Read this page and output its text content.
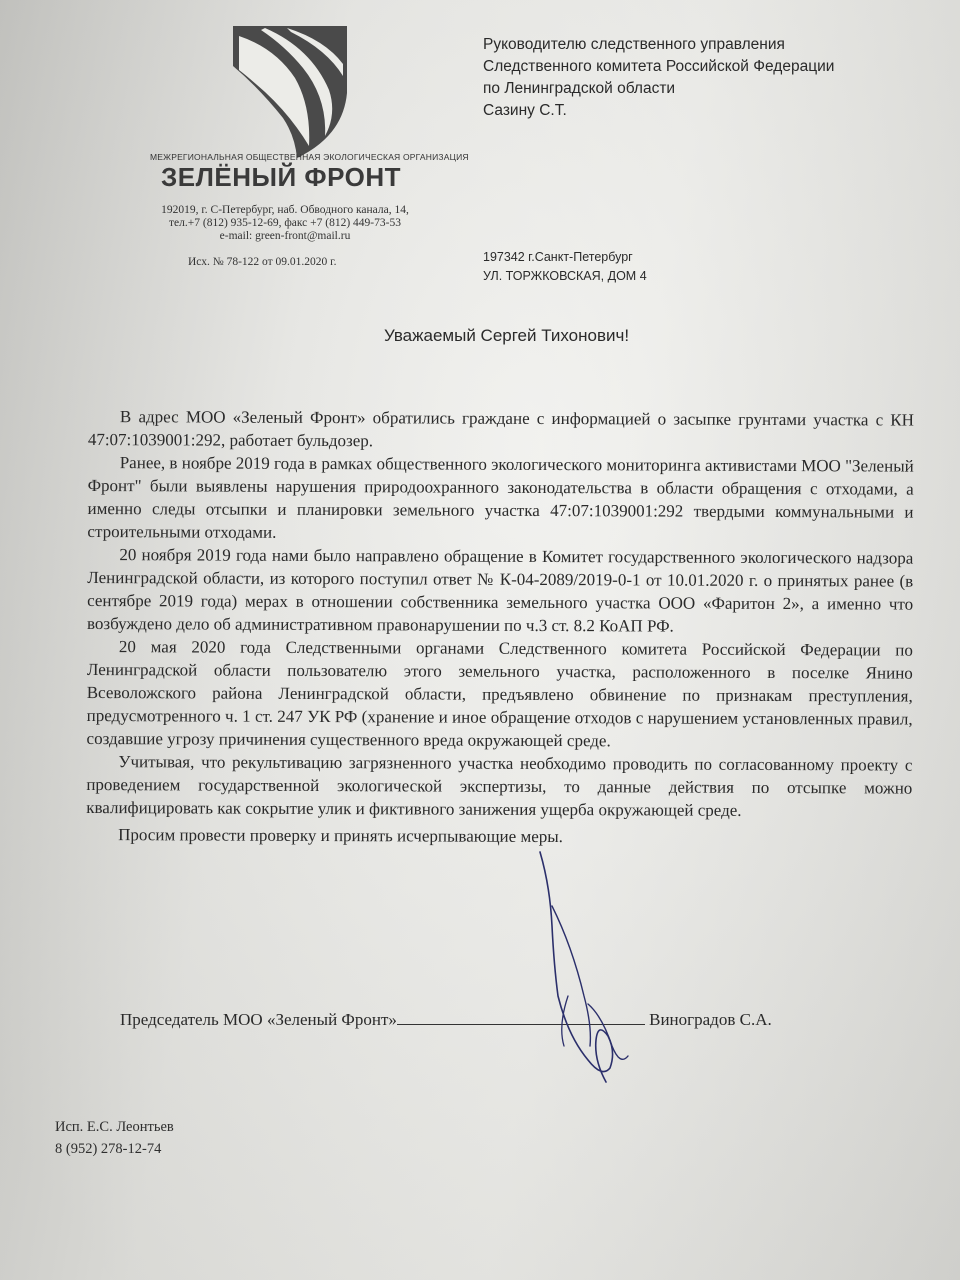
МЕЖРЕГИОНАЛЬНАЯ ОБЩЕСТВЕННАЯ ЭКОЛОГИЧЕСКАЯ ОРГАНИЗАЦИЯ
ЗЕЛЁНЫЙ ФРОНТ
192019, г. С-Петербург, наб. Обводного канала, 14,
тел.+7 (812) 935-12-69, факс +7 (812) 449-73-53
e-mail: green-front@mail.ru
Исх. № 78-122 от 09.01.2020 г.
Руководителю следственного управления
Следственного комитета Российской Федерации
по Ленинградской области
Сазину С.Т.
197342 г.Санкт-Петербург
УЛ. ТОРЖКОВСКАЯ, ДОМ 4
Уважаемый Сергей Тихонович!

В адрес МОО «Зеленый Фронт» обратились граждане с информацией о засыпке грунтами участка с КН 47:07:1039001:292, работает бульдозер.

Ранее, в ноябре 2019 года в рамках общественного экологического мониторинга активистами МОО "Зеленый Фронт" были выявлены нарушения природоохранного законодательства в области обращения с отходами, а именно следы отсыпки и планировки земельного участка 47:07:1039001:292 твердыми коммунальными и строительными отходами.

20 ноября 2019 года нами было направлено обращение в Комитет государственного экологического надзора Ленинградской области, из которого поступил ответ № К-04-2089/2019-0-1 от 10.01.2020 г. о принятых ранее (в сентябре 2019 года) мерах в отношении собственника земельного участка ООО «Фаритон 2», а именно что возбуждено дело об административном правонарушении по ч.3 ст. 8.2 КоАП РФ.

20 мая 2020 года Следственными органами Следственного комитета Российской Федерации по Ленинградской области пользователю этого земельного участка, расположенного в поселке Янино Всеволожского района Ленинградской области, предъявлено обвинение по признакам преступления, предусмотренного ч. 1 ст. 247 УК РФ (хранение и иное обращение отходов с нарушением установленных правил, создавшие угрозу причинения существенного вреда окружающей среде.

Учитывая, что рекультивацию загрязненного участка необходимо проводить по согласованному проекту с проведением государственной экологической экспертизы, то данные действия по отсыпке можно квалифицировать как сокрытие улик и фиктивного занижения ущерба окружающей среде.

Просим провести проверку и принять исчерпывающие меры.

Председатель МОО «Зеленый Фронт»	Виноградов С.А.
Исп. Е.С. Леонтьев
8 (952) 278-12-74
